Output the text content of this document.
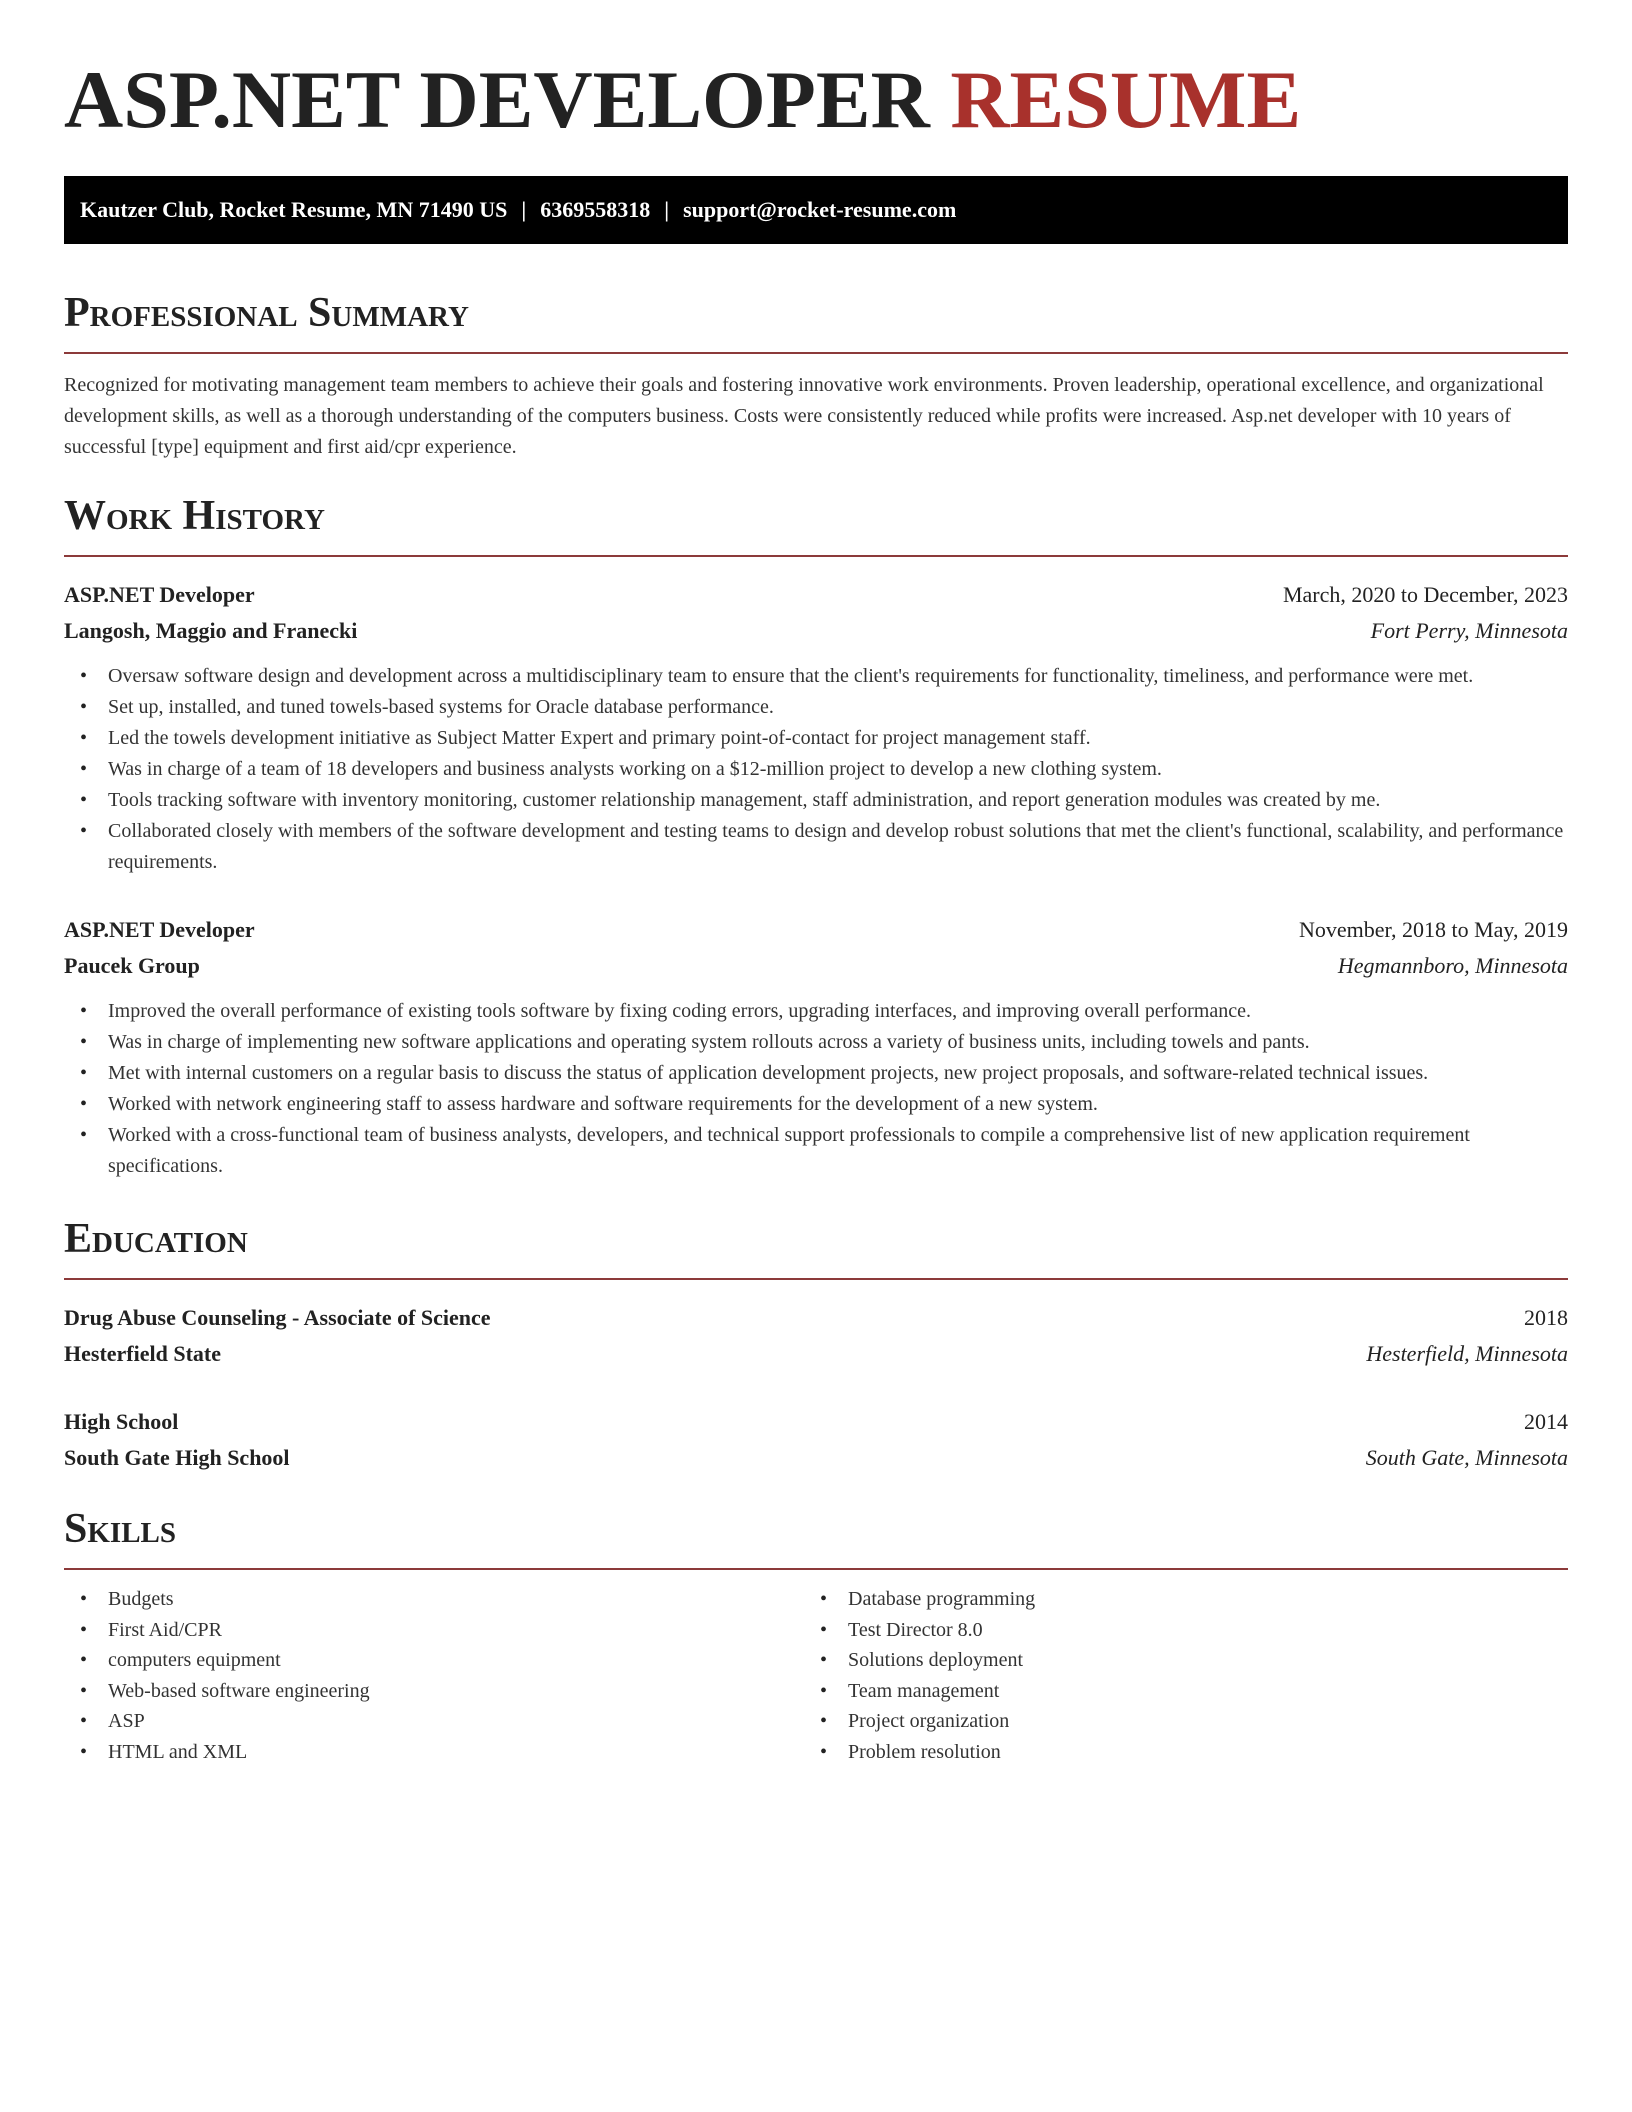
ASP.NET DEVELOPER RESUME
Kautzer Club, Rocket Resume, MN 71490 US | 6369558318 | support@rocket-resume.com
Professional Summary

Recognized for motivating management team members to achieve their goals and fostering innovative work environments. Proven leadership, operational excellence, and organizational development skills, as well as a thorough understanding of the computers business. Costs were consistently reduced while profits were increased. Asp.net developer with 10 years of successful [type] equipment and first aid/cpr experience.

Work History
ASP.NET Developer	March, 2020 to December, 2023
Langosh, Maggio and Franecki	Fort Perry, Minnesota
• Oversaw software design and development across a multidisciplinary team to ensure that the client's requirements for functionality, timeliness, and performance were met.
• Set up, installed, and tuned towels-based systems for Oracle database performance.
• Led the towels development initiative as Subject Matter Expert and primary point-of-contact for project management staff.
• Was in charge of a team of 18 developers and business analysts working on a $12-million project to develop a new clothing system.
• Tools tracking software with inventory monitoring, customer relationship management, staff administration, and report generation modules was created by me.
• Collaborated closely with members of the software development and testing teams to design and develop robust solutions that met the client's functional, scalability, and performance requirements.
ASP.NET Developer	November, 2018 to May, 2019
Paucek Group	Hegmannboro, Minnesota
• Improved the overall performance of existing tools software by fixing coding errors, upgrading interfaces, and improving overall performance.
• Was in charge of implementing new software applications and operating system rollouts across a variety of business units, including towels and pants.
• Met with internal customers on a regular basis to discuss the status of application development projects, new project proposals, and software-related technical issues.
• Worked with network engineering staff to assess hardware and software requirements for the development of a new system.
• Worked with a cross-functional team of business analysts, developers, and technical support professionals to compile a comprehensive list of new application requirement specifications.
Education
Drug Abuse Counseling - Associate of Science	2018
Hesterfield State	Hesterfield, Minnesota
High School	2014
South Gate High School	South Gate, Minnesota
Skills
• Budgets
• First Aid/CPR
• computers equipment
• Web-based software engineering
• ASP
• HTML and XML
• Database programming
• Test Director 8.0
• Solutions deployment
• Team management
• Project organization
• Problem resolution
